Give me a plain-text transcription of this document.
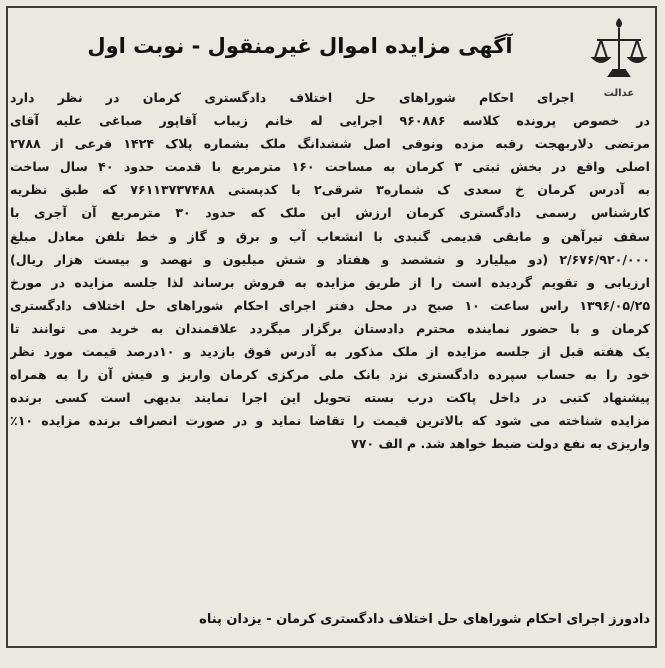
آگهی مزایده اموال غیرمنقول - نوبت اول
عدالت
اجرای احکام شوراهای حل اختلاف دادگستری کرمان در نظر دارد
در خصوص پرونده کلاسه ۹۶۰۸۸۶ اجرایی له خانم زیباب آقاپور صباغی علیه آقای
مرتضی دلاربهجت رقبه مزده ونوقی اصل ششدانگ ملک بشماره پلاک ۱۴۲۴ فرعی از ۲۷۸۸
اصلی واقع در بخش ثبتی ۳ کرمان به مساحت ۱۶۰ مترمربع با قدمت حدود ۴۰ سال ساخت
به آدرس کرمان خ سعدی ک شماره۳ شرقی۲ با کدپستی ۷۶۱۱۳۷۳۷۴۸۸ که طبق نظریه
کارشناس رسمی دادگستری کرمان ارزش این ملک که حدود ۳۰ مترمربع آن آجری با
سقف تیرآهن و مابقی قدیمی گنبدی با انشعاب آب و برق و گاز و خط تلفن معادل مبلغ
۲/۶۷۶/۹۲۰/۰۰۰ (دو میلیارد و ششصد و هفتاد و شش میلیون و نهصد و بیست هزار ریال)
ارزیابی و تقویم گردیده است را از طریق مزایده به فروش برساند لذا جلسه مزایده در مورخ
۱۳۹۶/۰۵/۲۵ راس ساعت ۱۰ صبح در محل دفتر اجرای احکام شوراهای حل اختلاف دادگستری
کرمان و با حضور نماینده محترم دادستان برگزار میگردد علاقمندان به خرید می توانند تا
یک هفته قبل از جلسه مزایده از ملک مذکور به آدرس فوق بازدید و ۱۰درصد قیمت مورد نظر
خود را به حساب سپرده دادگستری نزد بانک ملی مرکزی کرمان واریز و فیش آن را به همراه
پیشنهاد کتبی در داخل پاکت درب بسته تحویل این اجرا نمایند بدیهی است کسی برنده
مزایده شناخته می شود که بالاترین قیمت را تقاضا نماید و در صورت انصراف برنده مزایده ۱۰٪
واریزی به نفع دولت ضبط خواهد شد. م الف ۷۷۰
دادورز اجرای احکام شوراهای حل اختلاف دادگستری کرمان - یزدان پناه
